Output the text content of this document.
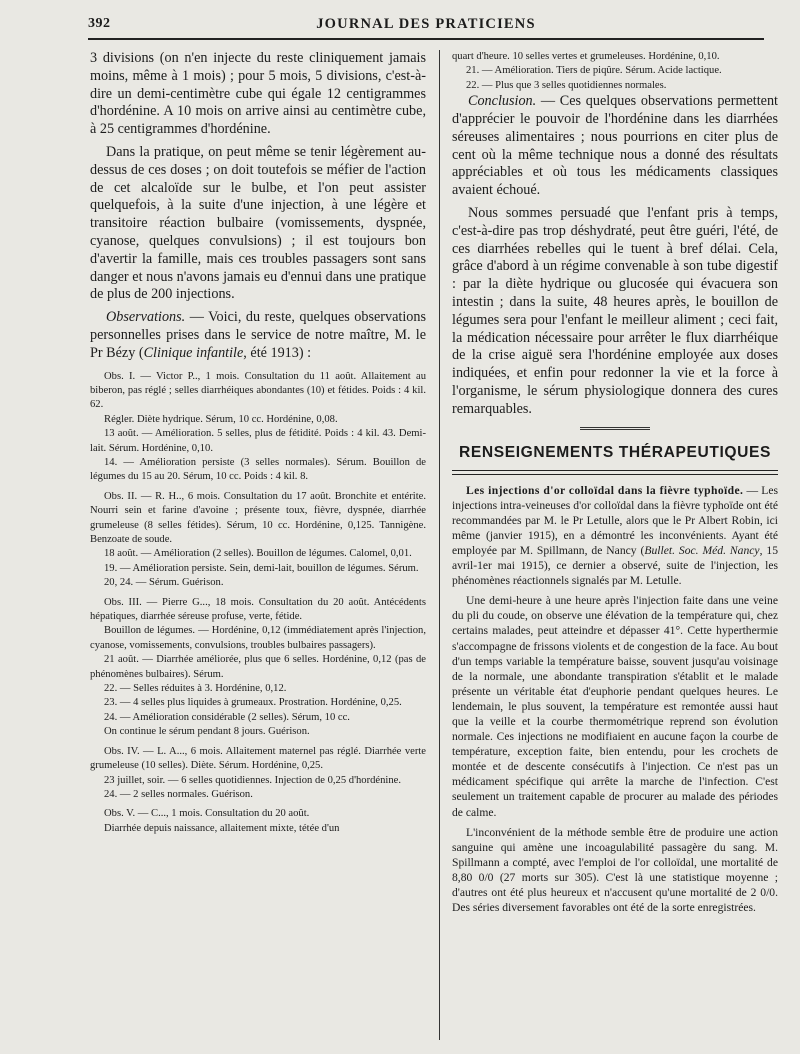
392	JOURNAL DES PRATICIENS

3 divisions (on n'en injecte du reste cliniquement jamais moins, même à 1 mois) ; pour 5 mois, 5 divisions, c'est-à-dire un demi-centimètre cube qui égale 12 centigrammes d'hordénine. A 10 mois on arrive ainsi au centimètre cube, à 25 centigrammes d'hordénine.

Dans la pratique, on peut même se tenir légèrement au-dessus de ces doses ; on doit toutefois se méfier de l'action de cet alcaloïde sur le bulbe, et l'on peut assister quelquefois, à la suite d'une injection, à une légère et transitoire réaction bulbaire (vomissements, dyspnée, cyanose, quelques convulsions) ; il est toujours bon d'avertir la famille, mais ces troubles passagers sont sans danger et nous n'avons jamais eu d'ennui dans une pratique de plus de 200 injections.

Observations. — Voici, du reste, quelques observations personnelles prises dans le service de notre maître, M. le Pr Bézy (Clinique infantile, été 1913) :

Obs. I. — Victor P.., 1 mois. Consultation du 11 août. Allaitement au biberon, pas réglé ; selles diarrhéiques abondantes (10) et fétides. Poids : 4 kil. 62.

Régler. Diète hydrique. Sérum, 10 cc. Hordénine, 0,08.

13 août. — Amélioration. 5 selles, plus de fétidité. Poids : 4 kil. 43. Demi-lait. Sérum. Hordénine, 0,10.

14. — Amélioration persiste (3 selles normales). Sérum. Bouillon de légumes du 15 au 20. Sérum, 10 cc. Poids : 4 kil. 8.

Obs. II. — R. H.., 6 mois. Consultation du 17 août. Bronchite et entérite. Nourri sein et farine d'avoine ; présente toux, fièvre, dyspnée, diarrhée grumeleuse (8 selles fétides). Sérum, 10 cc. Hordénine, 0,125. Tannigène. Benzoate de soude.

18 août. — Amélioration (2 selles). Bouillon de légumes. Calomel, 0,01.

19. — Amélioration persiste. Sein, demi-lait, bouillon de légumes. Sérum.

20, 24. — Sérum. Guérison.

Obs. III. — Pierre G..., 18 mois. Consultation du 20 août. Antécédents hépatiques, diarrhée séreuse profuse, verte, fétide.

Bouillon de légumes. — Hordénine, 0,12 (immédiatement après l'injection, cyanose, vomissements, convulsions, troubles bulbaires passagers).

21 août. — Diarrhée améliorée, plus que 6 selles. Hordénine, 0,12 (pas de phénomènes bulbaires). Sérum.

22. — Selles réduites à 3. Hordénine, 0,12.

23. — 4 selles plus liquides à grumeaux. Prostration. Hordénine, 0,25.

24. — Amélioration considérable (2 selles). Sérum, 10 cc.

On continue le sérum pendant 8 jours. Guérison.

Obs. IV. — L. A..., 6 mois. Allaitement maternel pas réglé. Diarrhée verte grumeleuse (10 selles). Diète. Sérum. Hordénine, 0,25.

23 juillet, soir. — 6 selles quotidiennes. Injection de 0,25 d'hordénine.

24. — 2 selles normales. Guérison.

Obs. V. — C..., 1 mois. Consultation du 20 août.

Diarrhée depuis naissance, allaitement mixte, tétée d'un

quart d'heure. 10 selles vertes et grumeleuses. Hordénine, 0,10.

21. — Amélioration. Tiers de piqûre. Sérum. Acide lactique.

22. — Plus que 3 selles quotidiennes normales.

Conclusion. — Ces quelques observations permettent d'apprécier le pouvoir de l'hordénine dans les diarrhées séreuses alimentaires ; nous pourrions en citer plus de cent où la même technique nous a donné des résultats appréciables et où tous les médicaments classiques avaient échoué.

Nous sommes persuadé que l'enfant pris à temps, c'est-à-dire pas trop déshydraté, peut être guéri, l'été, de ces diarrhées rebelles qui le tuent à bref délai. Cela, grâce d'abord à un régime convenable à son tube digestif : par la diète hydrique ou glucosée qui évacuera son intestin ; dans la suite, 48 heures après, le bouillon de légumes sera pour l'enfant le meilleur aliment ; ceci fait, la médication nécessaire pour arrêter le flux diarrhéique de la crise aiguë sera l'hordénine employée aux doses indiquées, et enfin pour redonner la vie et la force à l'organisme, le sérum physiologique donnera des cures remarquables.

RENSEIGNEMENTS THÉRAPEUTIQUES

Les injections d'or colloïdal dans la fièvre typhoïde. — Les injections intra-veineuses d'or colloïdal dans la fièvre typhoïde ont été recommandées par M. le Pr Letulle, alors que le Pr Albert Robin, ici même (janvier 1915), en a démontré les inconvénients. Ayant été employée par M. Spillmann, de Nancy (Bullet. Soc. Méd. Nancy, 15 avril-1er mai 1915), ce dernier a observé, suite de l'injection, les phénomènes réactionnels signalés par M. Letulle.

Une demi-heure à une heure après l'injection faite dans une veine du pli du coude, on observe une élévation de la température qui, chez certains malades, peut atteindre et dépasser 41°. Cette hyperthermie s'accompagne de frissons violents et de congestion de la face. Au bout d'un temps variable la température baisse, souvent jusqu'au voisinage de la normale, une abondante transpiration s'établit et le malade présente un véritable état d'euphorie pendant quelques heures. Le lendemain, le plus souvent, la température est remontée aussi haut que la veille et la courbe thermométrique reprend son évolution normale. Ces injections ne modifiaient en aucune façon la courbe de température, exception faite, bien entendu, pour les crochets de montée et de descente consécutifs à l'injection. Ce n'est pas un médicament spécifique qui arrête la marche de l'infection. C'est seulement un traitement capable de procurer au malade des périodes de calme.

L'inconvénient de la méthode semble être de produire une action sanguine qui amène une incoagulabilité passagère du sang. M. Spillmann a compté, avec l'emploi de l'or colloïdal, une mortalité de 8,80 0/0 (27 morts sur 305). C'est là une statistique moyenne ; d'autres ont été plus heureux et n'accusent qu'une mortalité de 2 0/0. Des séries diversement favorables ont été de la sorte enregistrées.
